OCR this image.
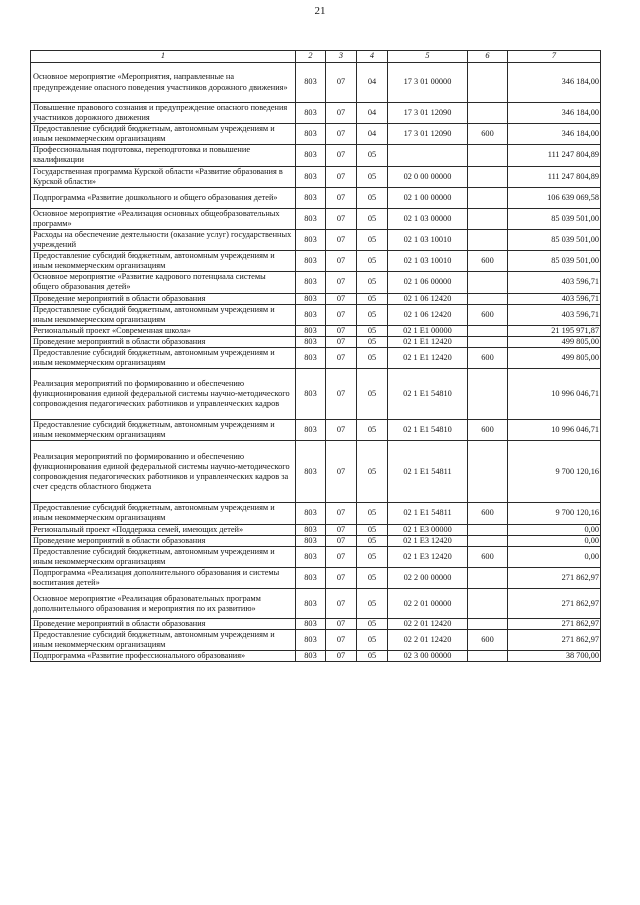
21
1	2	3	4	5	6	7
Основное мероприятие «Мероприятия, направленные на предупреждение опасного поведения участников дорожного движения»	803	07	04	17 3 01 00000		346 184,00
Повышение правового сознания и предупреждение опасного поведения участников дорожного движения	803	07	04	17 3 01 12090		346 184,00
Предоставление субсидий бюджетным, автономным учреждениям и иным некоммерческим организациям	803	07	04	17 3 01 12090	600	346 184,00
Профессиональная подготовка, переподготовка и повышение квалификации	803	07	05			111 247 804,89
Государственная программа Курской области «Развитие образования в Курской области»	803	07	05	02 0 00 00000		111 247 804,89
Подпрограмма «Развитие дошкольного и общего образования детей»	803	07	05	02 1 00 00000		106 639 069,58
Основное мероприятие «Реализация основных общеобразовательных программ»	803	07	05	02 1 03 00000		85 039 501,00
Расходы на обеспечение деятельности (оказание услуг) государственных учреждений	803	07	05	02 1 03 10010		85 039 501,00
Предоставление субсидий бюджетным, автономным учреждениям и иным некоммерческим организациям	803	07	05	02 1 03 10010	600	85 039 501,00
Основное мероприятие «Развитие кадрового потенциала системы общего образования детей»	803	07	05	02 1 06 00000		403 596,71
Проведение мероприятий в области образования	803	07	05	02 1 06 12420		403 596,71
Предоставление субсидий бюджетным, автономным учреждениям и иным некоммерческим организациям	803	07	05	02 1 06 12420	600	403 596,71
Региональный проект «Современная школа»	803	07	05	02 1 E1 00000		21 195 971,87
Проведение мероприятий в области образования	803	07	05	02 1 E1 12420		499 805,00
Предоставление субсидий бюджетным, автономным учреждениям и иным некоммерческим организациям	803	07	05	02 1 E1 12420	600	499 805,00
Реализация мероприятий по формированию и обеспечению функционирования единой федеральной системы научно-методического сопровождения педагогических работников и управленческих кадров	803	07	05	02 1 E1 54810		10 996 046,71
Предоставление субсидий бюджетным, автономным учреждениям и иным некоммерческим организациям	803	07	05	02 1 E1 54810	600	10 996 046,71
Реализация мероприятий по формированию и обеспечению функционирования единой федеральной системы научно-методического сопровождения педагогических работников и управленческих кадров за счет средств областного бюджета	803	07	05	02 1 E1 54811		9 700 120,16
Предоставление субсидий бюджетным, автономным учреждениям и иным некоммерческим организациям	803	07	05	02 1 E1 54811	600	9 700 120,16
Региональный проект «Поддержка семей, имеющих детей»	803	07	05	02 1 E3 00000		0,00
Проведение мероприятий в области образования	803	07	05	02 1 E3 12420		0,00
Предоставление субсидий бюджетным, автономным учреждениям и иным некоммерческим организациям	803	07	05	02 1 E3 12420	600	0,00
Подпрограмма «Реализация дополнительного образования и системы воспитания детей»	803	07	05	02 2 00 00000		271 862,97
Основное мероприятие «Реализация образовательных программ дополнительного образования и мероприятия по их развитию»	803	07	05	02 2 01 00000		271 862,97
Проведение мероприятий в области образования	803	07	05	02 2 01 12420		271 862,97
Предоставление субсидий бюджетным, автономным учреждениям и иным некоммерческим организациям	803	07	05	02 2 01 12420	600	271 862,97
Подпрограмма «Развитие профессионального образования»	803	07	05	02 3 00 00000		38 700,00
